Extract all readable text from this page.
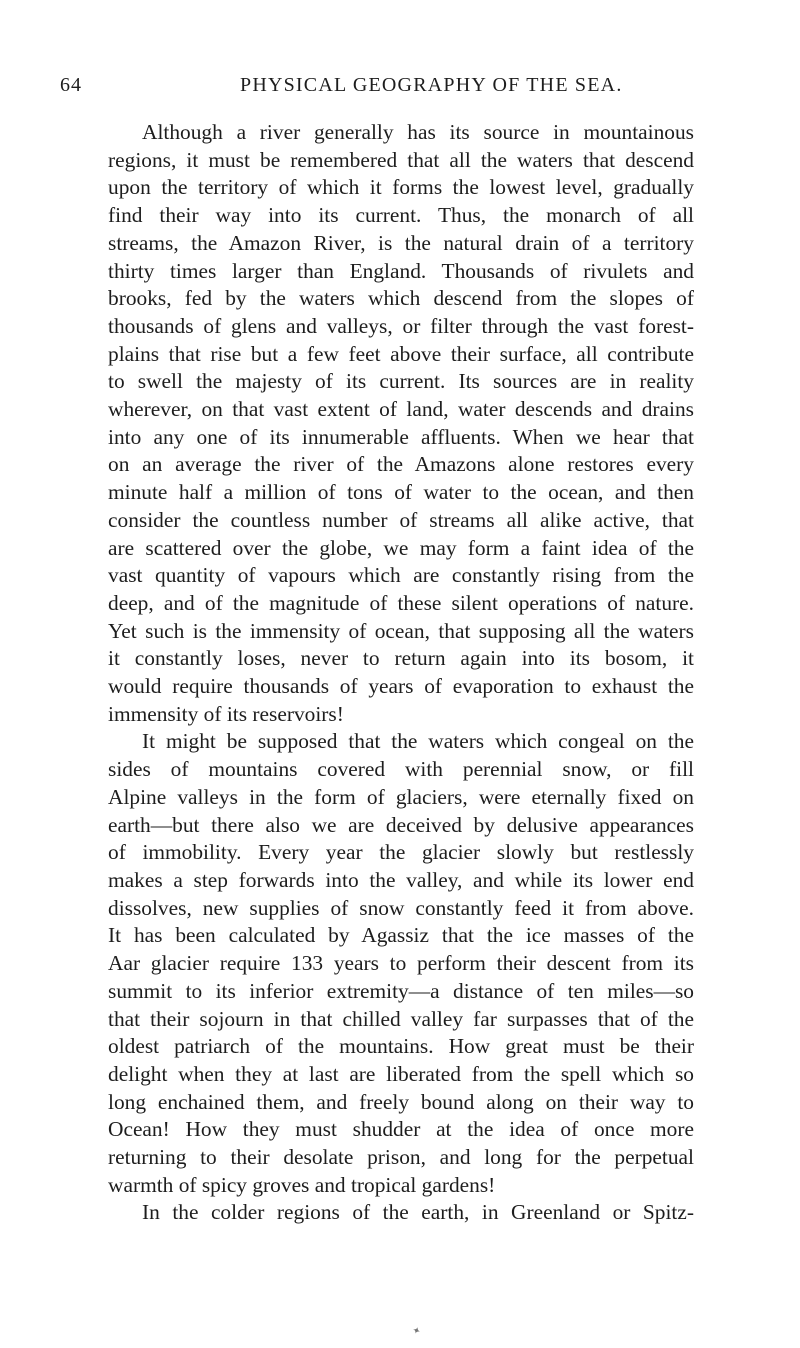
64	PHYSICAL GEOGRAPHY OF THE SEA.
Although a river generally has its source in mountainous
regions, it must be remembered that all the waters that descend
upon the territory of which it forms the lowest level, gradually
find their way into its current. Thus, the monarch of all
streams, the Amazon River, is the natural drain of a territory
thirty times larger than England. Thousands of rivulets and
brooks, fed by the waters which descend from the slopes of
thousands of glens and valleys, or filter through the vast forest-
plains that rise but a few feet above their surface, all contribute
to swell the majesty of its current. Its sources are in reality
wherever, on that vast extent of land, water descends and drains
into any one of its innumerable affluents. When we hear that
on an average the river of the Amazons alone restores every
minute half a million of tons of water to the ocean, and then
consider the countless number of streams all alike active, that
are scattered over the globe, we may form a faint idea of the
vast quantity of vapours which are constantly rising from the
deep, and of the magnitude of these silent operations of nature.
Yet such is the immensity of ocean, that supposing all the waters
it constantly loses, never to return again into its bosom, it
would require thousands of years of evaporation to exhaust the
immensity of its reservoirs!
It might be supposed that the waters which congeal on the
sides of mountains covered with perennial snow, or fill
Alpine valleys in the form of glaciers, were eternally fixed on
earth—but there also we are deceived by delusive appearances
of immobility. Every year the glacier slowly but restlessly
makes a step forwards into the valley, and while its lower end
dissolves, new supplies of snow constantly feed it from above.
It has been calculated by Agassiz that the ice masses of the
Aar glacier require 133 years to perform their descent from its
summit to its inferior extremity—a distance of ten miles—so
that their sojourn in that chilled valley far surpasses that of the
oldest patriarch of the mountains. How great must be their
delight when they at last are liberated from the spell which so
long enchained them, and freely bound along on their way to
Ocean! How they must shudder at the idea of once more
returning to their desolate prison, and long for the perpetual
warmth of spicy groves and tropical gardens!
In the colder regions of the earth, in Greenland or Spitz-
✦
